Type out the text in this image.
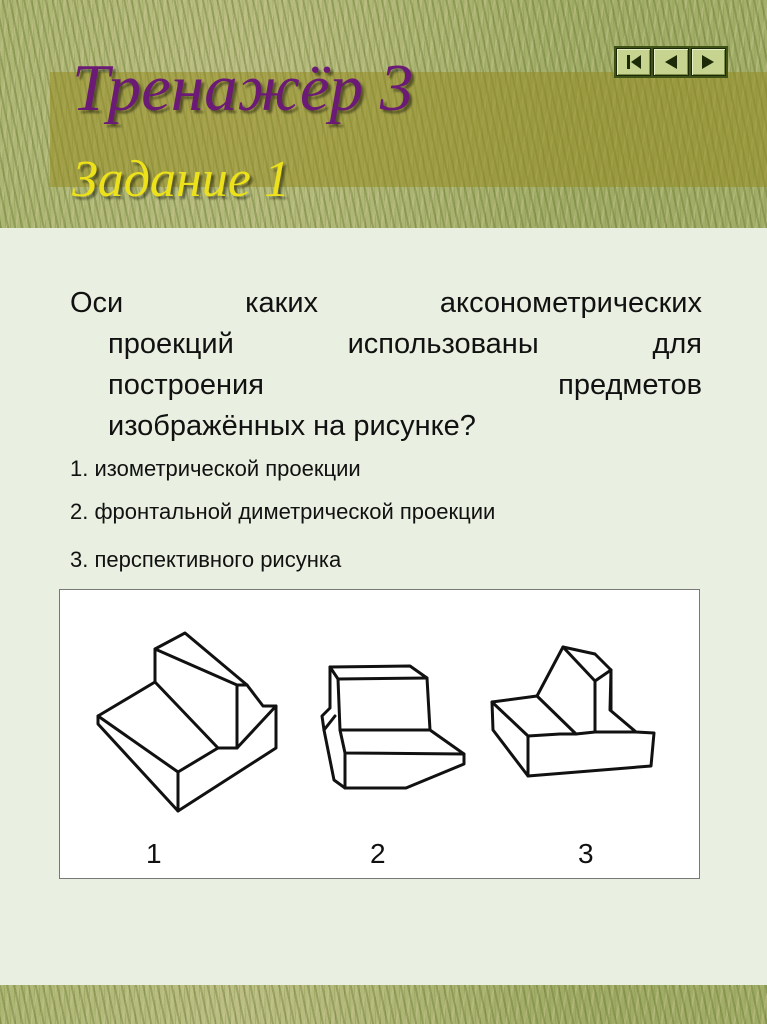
Тренажёр 3
Задание 1
Оси	каких	аксонометрических
проекций	использованы	для
построения	предметов
изображённых на рисунке?
1. изометрической проекции
2. фронтальной диметрической проекции
3. перспективного рисунка
1	2	3
